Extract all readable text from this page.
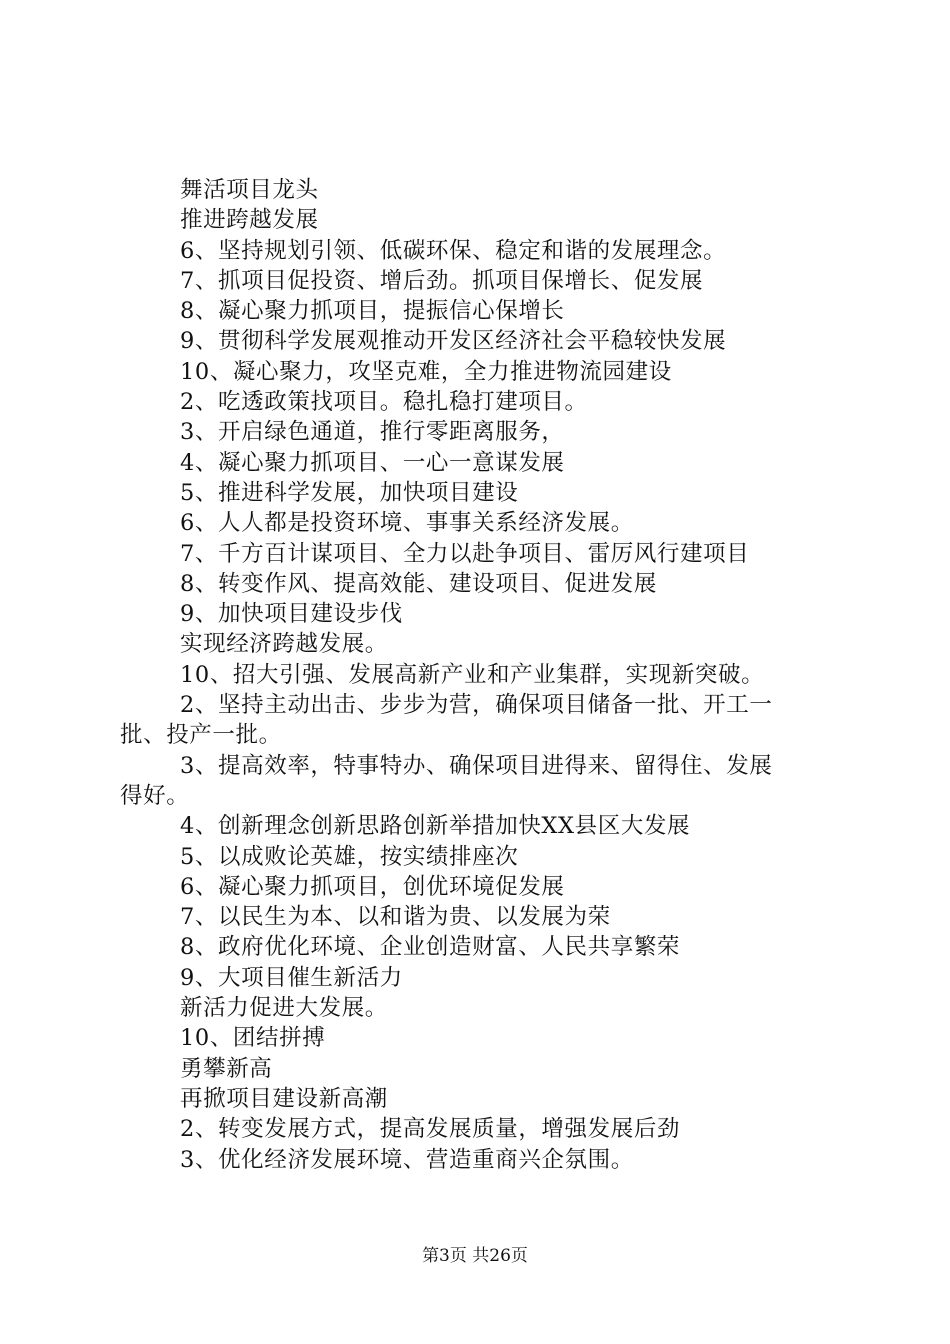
舞活项目龙头
推进跨越发展
6、坚持规划引领、低碳环保、稳定和谐的发展理念。
7、抓项目促投资、增后劲。抓项目保增长、促发展
8、凝心聚力抓项目，提振信心保增长
9、贯彻科学发展观推动开发区经济社会平稳较快发展
10、凝心聚力，攻坚克难，全力推进物流园建设
2、吃透政策找项目。稳扎稳打建项目。
3、开启绿色通道，推行零距离服务，
4、凝心聚力抓项目、一心一意谋发展
5、推进科学发展，加快项目建设
6、人人都是投资环境、事事关系经济发展。
7、千方百计谋项目、全力以赴争项目、雷厉风行建项目
8、转变作风、提高效能、建设项目、促进发展
9、加快项目建设步伐
实现经济跨越发展。
10、招大引强、发展高新产业和产业集群，实现新突破。
2、坚持主动出击、步步为营，确保项目储备一批、开工一
批、投产一批。
3、提高效率，特事特办、确保项目进得来、留得住、发展
得好。
4、创新理念创新思路创新举措加快XX县区大发展
5、以成败论英雄，按实绩排座次
6、凝心聚力抓项目，创优环境促发展
7、以民生为本、以和谐为贵、以发展为荣
8、政府优化环境、企业创造财富、人民共享繁荣
9、大项目催生新活力
新活力促进大发展。
10、团结拼搏
勇攀新高
再掀项目建设新高潮
2、转变发展方式，提高发展质量，增强发展后劲
3、优化经济发展环境、营造重商兴企氛围。
第3页 共26页
